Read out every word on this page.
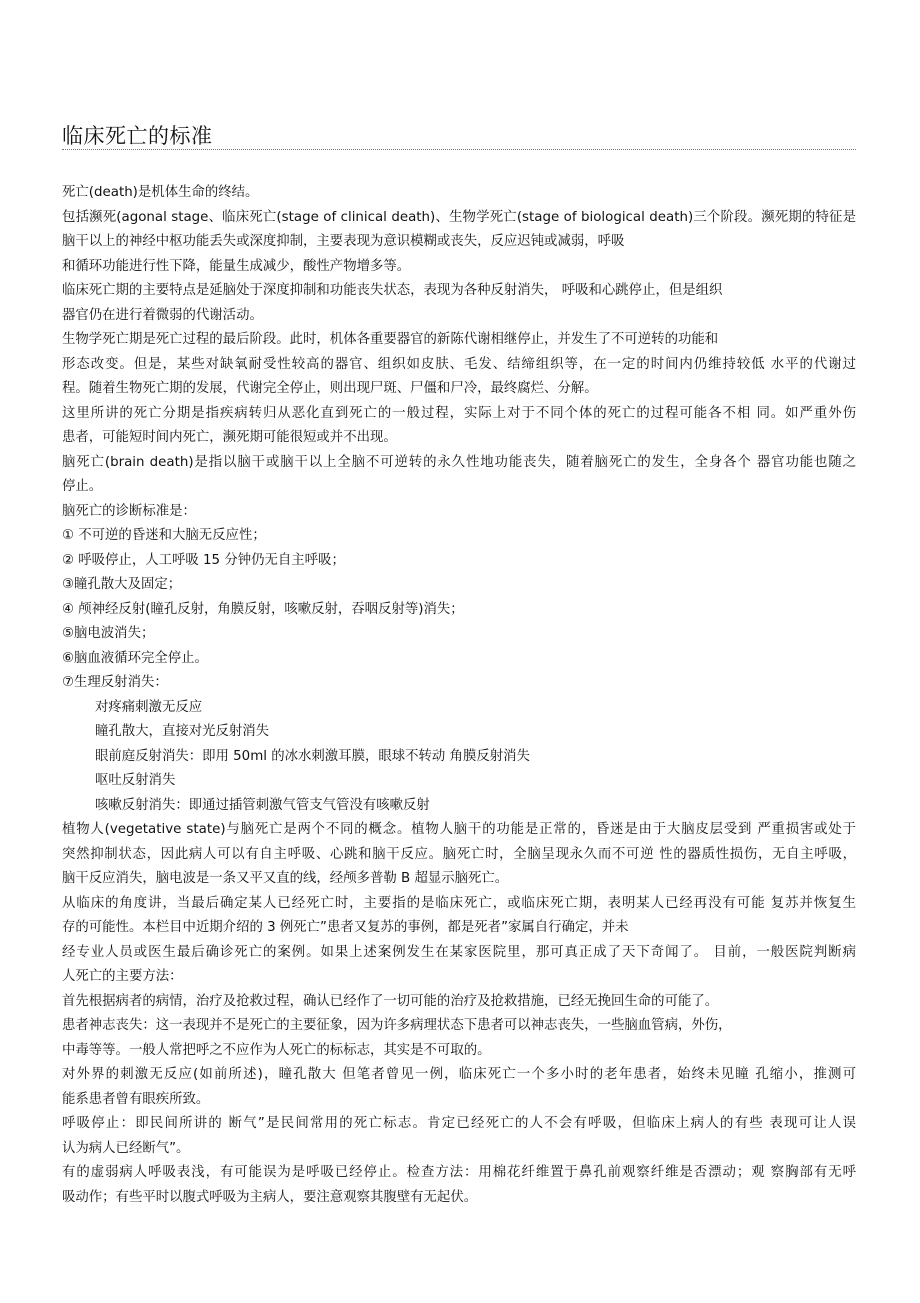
临床死亡的标准
死亡(death)是机体生命的终结。
包括濒死(agonal stage、临床死亡(stage of clinical death)、生物学死亡(stage of biological death)三个阶段。濒死期的特征是
脑干以上的神经中枢功能丢失或深度抑制，主要表现为意识模糊或丧失，反应迟钝或减弱，呼吸
和循环功能进行性下降，能量生成减少，酸性产物增多等。
临床死亡期的主要特点是延脑处于深度抑制和功能丧失状态，表现为各种反射消失， 呼吸和心跳停止，但是组织
器官仍在进行着微弱的代谢活动。
生物学死亡期是死亡过程的最后阶段。此时，机体各重要器官的新陈代谢相继停止，并发生了不可逆转的功能和
形态改变。但是，某些对缺氧耐受性较高的器官、组织如皮肤、毛发、结缔组织等，在一定的时间内仍维持较低 水平的代谢过
程。随着生物死亡期的发展，代谢完全停止，则出现尸斑、尸僵和尸冷，最终腐烂、分解。
这里所讲的死亡分期是指疾病转归从恶化直到死亡的一般过程，实际上对于不同个体的死亡的过程可能各不相 同。如严重外伤
患者，可能短时间内死亡，濒死期可能很短或并不出现。
脑死亡(brain death)是指以脑干或脑干以上全脑不可逆转的永久性地功能丧失，随着脑死亡的发生，全身各个 器官功能也随之
停止。
脑死亡的诊断标准是：
① 不可逆的昏迷和大脑无反应性；
② 呼吸停止，人工呼吸 15 分钟仍无自主呼吸；
③瞳孔散大及固定；
④ 颅神经反射(瞳孔反射，角膜反射，咳嗽反射，吞咽反射等)消失；
⑤脑电波消失；
⑥脑血液循环完全停止。
⑦生理反射消失：
对疼痛刺激无反应
瞳孔散大，直接对光反射消失
眼前庭反射消失：即用 50ml 的冰水刺激耳膜，眼球不转动 角膜反射消失
呕吐反射消失
咳嗽反射消失：即通过插管刺激气管支气管没有咳嗽反射
植物人(vegetative state)与脑死亡是两个不同的概念。植物人脑干的功能是正常的，昏迷是由于大脑皮层受到 严重损害或处于
突然抑制状态，因此病人可以有自主呼吸、心跳和脑干反应。脑死亡时，全脑呈现永久而不可逆 性的器质性损伤，无自主呼吸，
脑干反应消失，脑电波是一条又平又直的线，经颅多普勒 B 超显示脑死亡。
从临床的角度讲，当最后确定某人已经死亡时，主要指的是临床死亡，或临床死亡期，表明某人已经再没有可能 复苏并恢复生
存的可能性。本栏目中近期介绍的 3 例死亡”患者又复苏的事例，都是死者”家属自行确定，并未
经专业人员或医生最后确诊死亡的案例。如果上述案例发生在某家医院里，那可真正成了天下奇闻了。 目前，一般医院判断病
人死亡的主要方法：
首先根据病者的病情，治疗及抢救过程，确认已经作了一切可能的治疗及抢救措施，已经无挽回生命的可能了。
患者神志丧失：这一表现并不是死亡的主要征象，因为许多病理状态下患者可以神志丧失，一些脑血管病，外伤，
中毒等等。一般人常把呼之不应作为人死亡的标标志，其实是不可取的。
对外界的刺激无反应(如前所述)，瞳孔散大 但笔者曾见一例，临床死亡一个多小时的老年患者，始终未见瞳 孔缩小，推测可
能系患者曾有眼疾所致。
呼吸停止：即民间所讲的 断气”是民间常用的死亡标志。肯定已经死亡的人不会有呼吸，但临床上病人的有些 表现可让人误
认为病人已经断气”。
有的虚弱病人呼吸表浅，有可能误为是呼吸已经停止。检查方法：用棉花纤维置于鼻孔前观察纤维是否漂动；观 察胸部有无呼
吸动作；有些平时以腹式呼吸为主病人，要注意观察其腹壁有无起伏。
